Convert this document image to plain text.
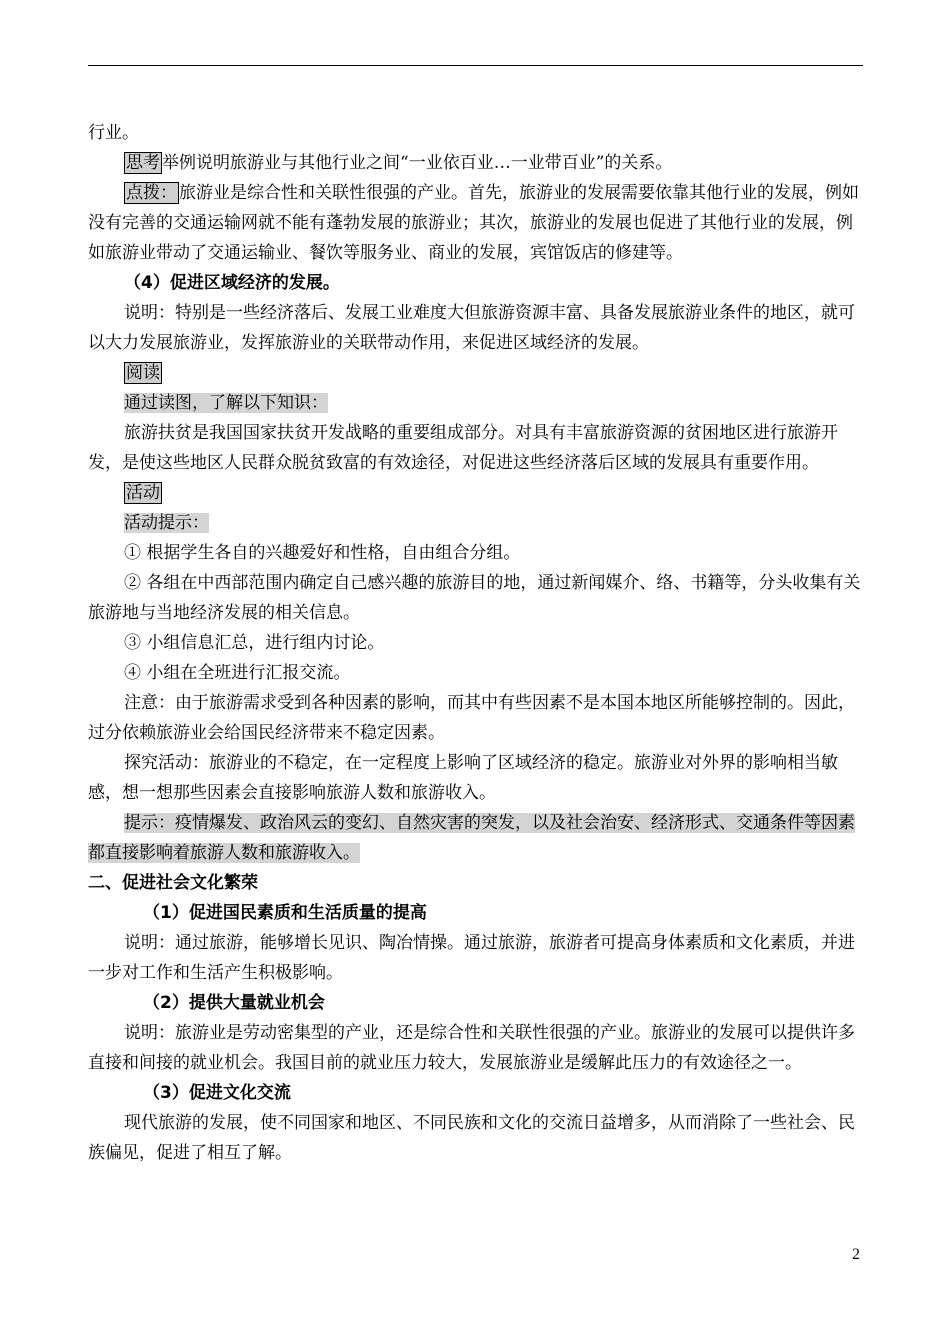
行业。

思考 举例说明旅游业与其他行业之间“一业依百业…一业带百业”的关系。

点拨： 旅游业是综合性和关联性很强的产业。首先，旅游业的发展需要依靠其他行业的发展，例如没有完善的交通运输网就不能有蓬勃发展的旅游业；其次，旅游业的发展也促进了其他行业的发展，例如旅游业带动了交通运输业、餐饮等服务业、商业的发展，宾馆饭店的修建等。

（4）促进区域经济的发展。

说明：特别是一些经济落后、发展工业难度大但旅游资源丰富、具备发展旅游业条件的地区，就可以大力发展旅游业，发挥旅游业的关联带动作用，来促进区域经济的发展。

阅读

通过读图，了解以下知识：

旅游扶贫是我国国家扶贫开发战略的重要组成部分。对具有丰富旅游资源的贫困地区进行旅游开发，是使这些地区人民群众脱贫致富的有效途径，对促进这些经济落后区域的发展具有重要作用。

活动

活动提示：

① 根据学生各自的兴趣爱好和性格，自由组合分组。

② 各组在中西部范围内确定自己感兴趣的旅游目的地，通过新闻媒介、络、书籍等，分头收集有关旅游地与当地经济发展的相关信息。

③ 小组信息汇总，进行组内讨论。

④ 小组在全班进行汇报交流。

注意：由于旅游需求受到各种因素的影响，而其中有些因素不是本国本地区所能够控制的。因此，过分依赖旅游业会给国民经济带来不稳定因素。

探究活动：旅游业的不稳定，在一定程度上影响了区域经济的稳定。旅游业对外界的影响相当敏感，想一想那些因素会直接影响旅游人数和旅游收入。

提示：疫情爆发、政治风云的变幻、自然灾害的突发，以及社会治安、经济形式、交通条件等因素都直接影响着旅游人数和旅游收入。

二、促进社会文化繁荣

（1）促进国民素质和生活质量的提高

说明：通过旅游，能够增长见识、陶冶情操。通过旅游，旅游者可提高身体素质和文化素质，并进一步对工作和生活产生积极影响。

（2）提供大量就业机会

说明：旅游业是劳动密集型的产业，还是综合性和关联性很强的产业。旅游业的发展可以提供许多直接和间接的就业机会。我国目前的就业压力较大，发展旅游业是缓解此压力的有效途径之一。

（3）促进文化交流

现代旅游的发展，使不同国家和地区、不同民族和文化的交流日益增多，从而消除了一些社会、民族偏见，促进了相互了解。

2
